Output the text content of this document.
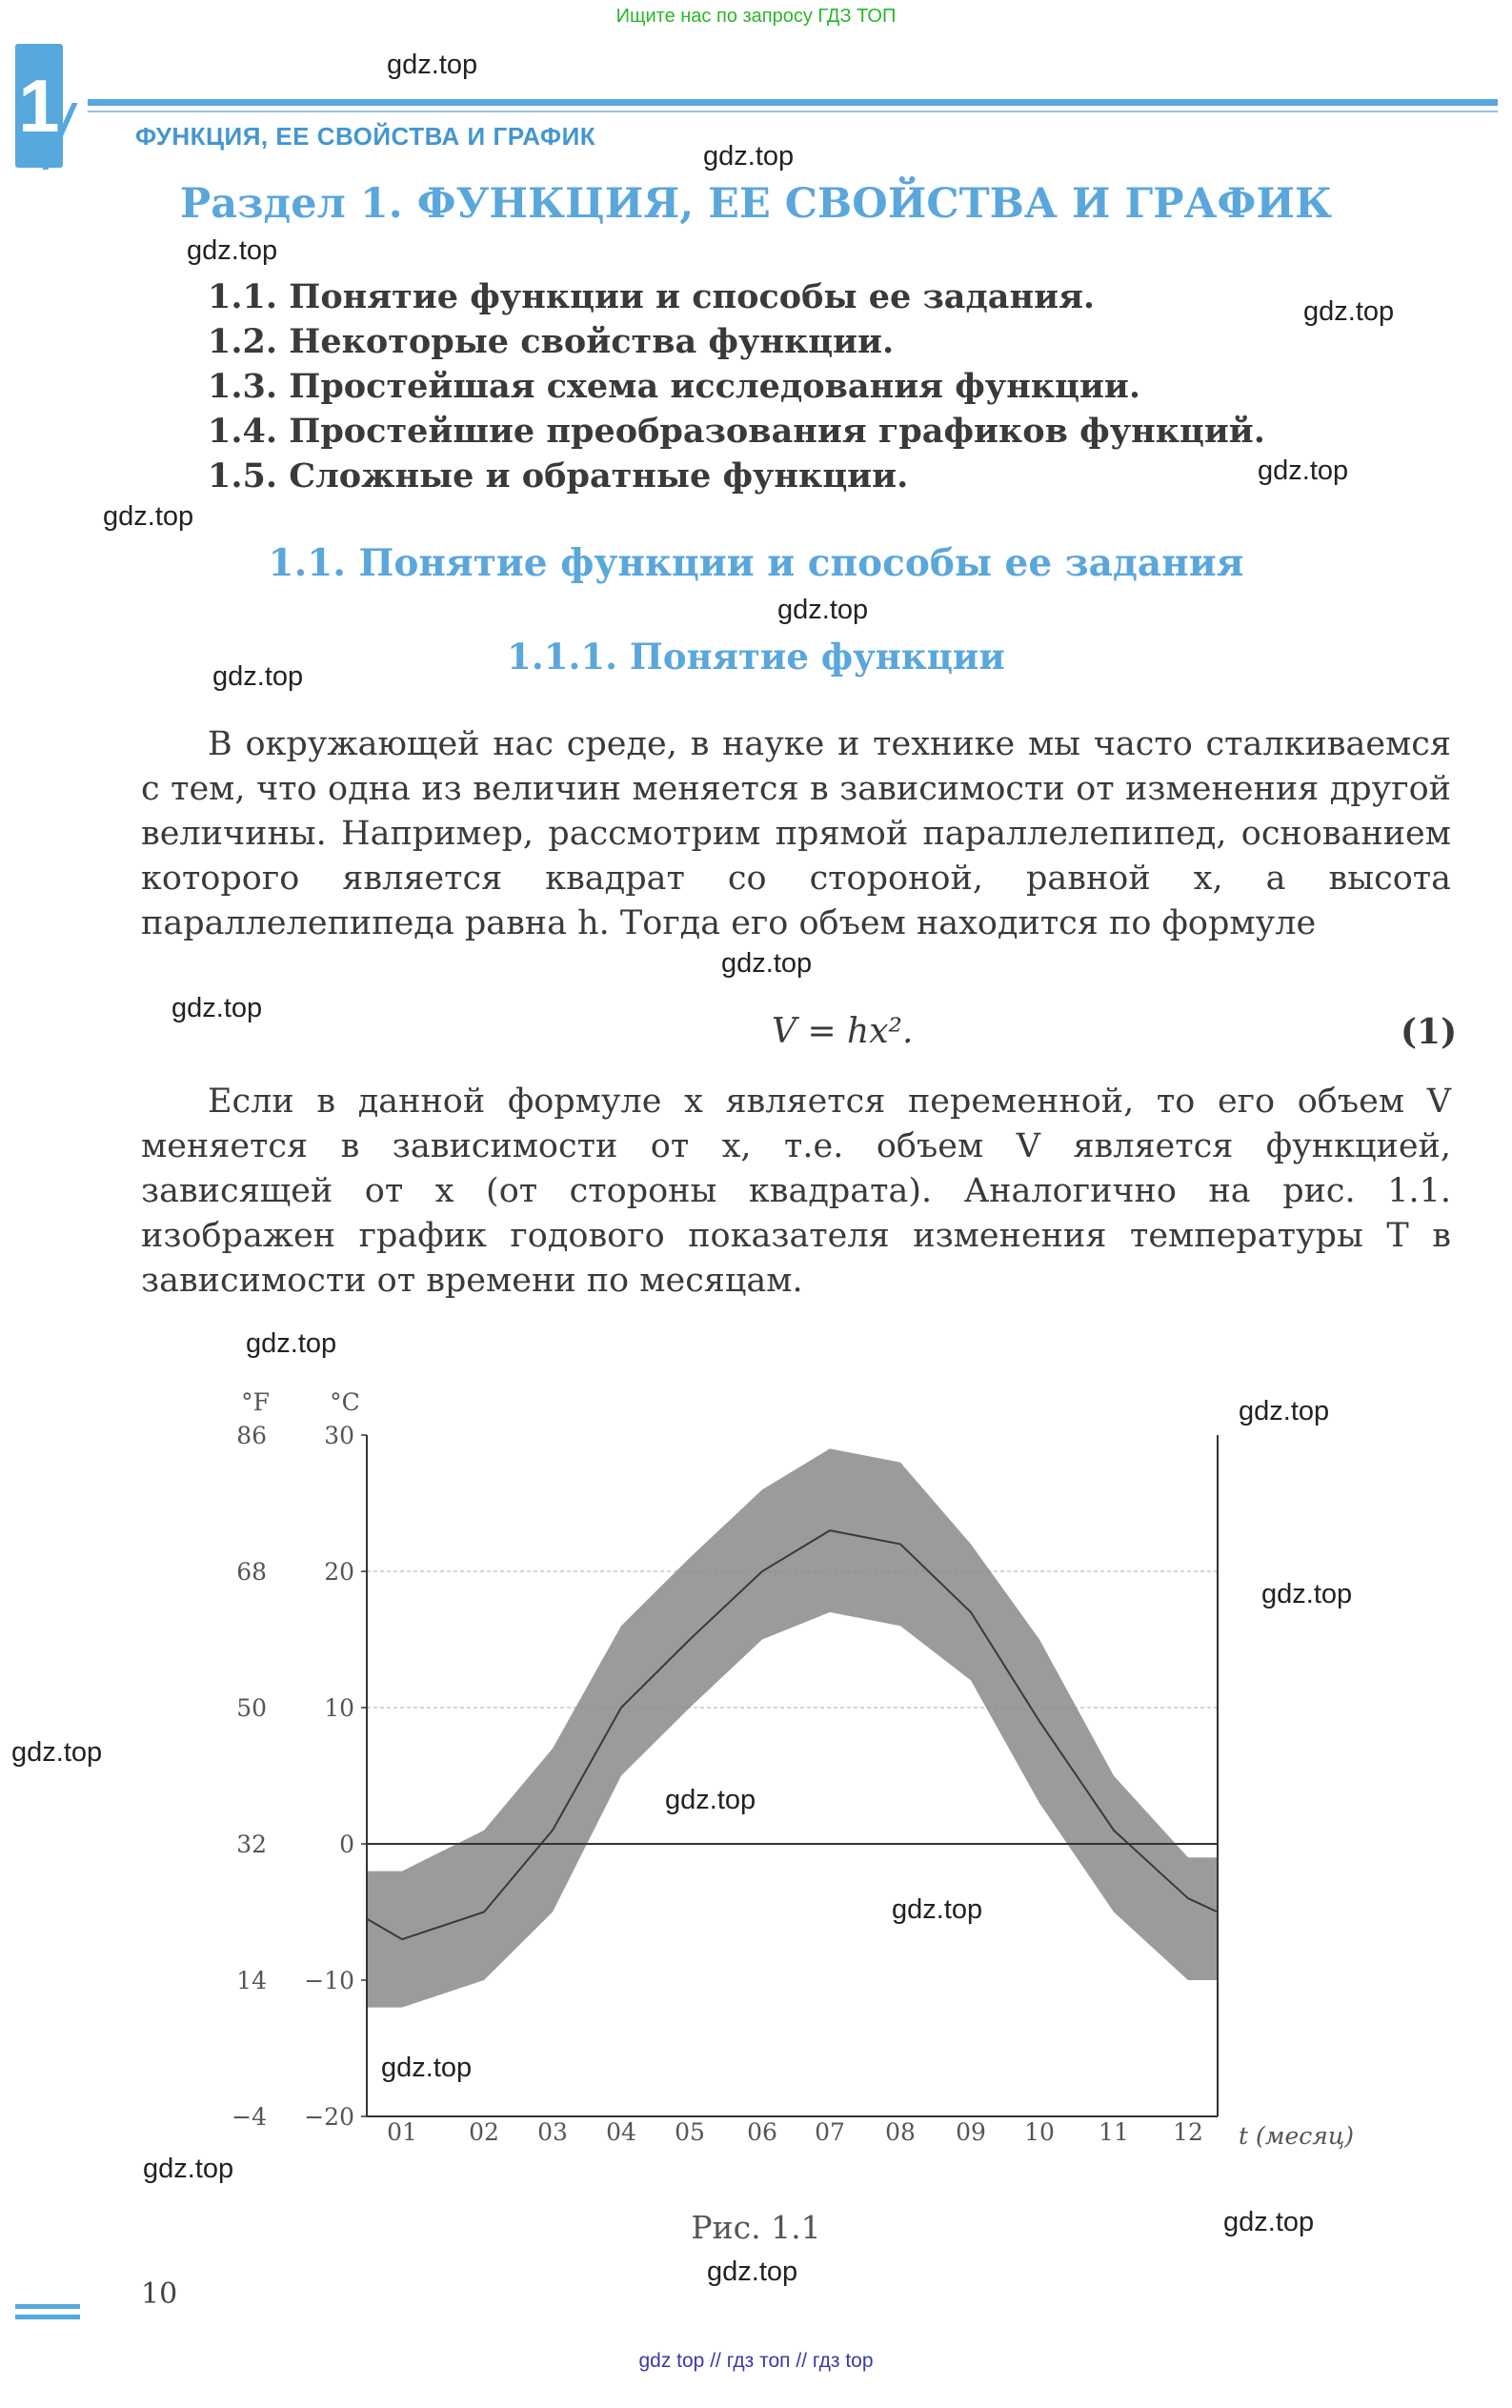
Ищите нас по запросу ГДЗ ТОП
1	ФУНКЦИЯ, ЕЕ СВОЙСТВА И ГРАФИК
Раздел 1. ФУНКЦИЯ, ЕЕ СВОЙСТВА И ГРАФИК
1.1. Понятие функции и способы ее задания.
1.2. Некоторые свойства функции.
1.3. Простейшая схема исследования функции.
1.4. Простейшие преобразования графиков функций.
1.5. Сложные и обратные функции.
1.1. Понятие функции и способы ее задания
1.1.1. Понятие функции
В окружающей нас среде, в науке и технике мы часто сталкиваемся с тем, что одна из величин меняется в зависимости от изменения другой величины. Например, рассмотрим прямой параллелепипед, основанием которого является квадрат со стороной, равной x, а высота параллелепипеда равна h. Тогда его объем находится по формуле
V = hx².	(1)
Если в данной формуле x является переменной, то его объем V меняется в зависимости от x, т.е. объем V является функцией, зависящей от x (от стороны квадрата). Аналогично на рис. 1.1. изображен график годового показателя изменения температуры T в зависимости от времени по месяцам.
30
86
20
68
10
50
0
32
−10
14
−20
−4
°F	°C
01 02 03 04 05 06 07 08 09 10 11 12 t (месяц)
Рис. 1.1
10
gdz.top
gdz.top
gdz.top
gdz.top
gdz.top
gdz.top
gdz.top
gdz.top
gdz.top
gdz.top
gdz.top
gdz.top
gdz.top
gdz.top
gdz.top
gdz.top
gdz.top
gdz.top
gdz.top
gdz.top
gdz top // гдз топ // гдз top
